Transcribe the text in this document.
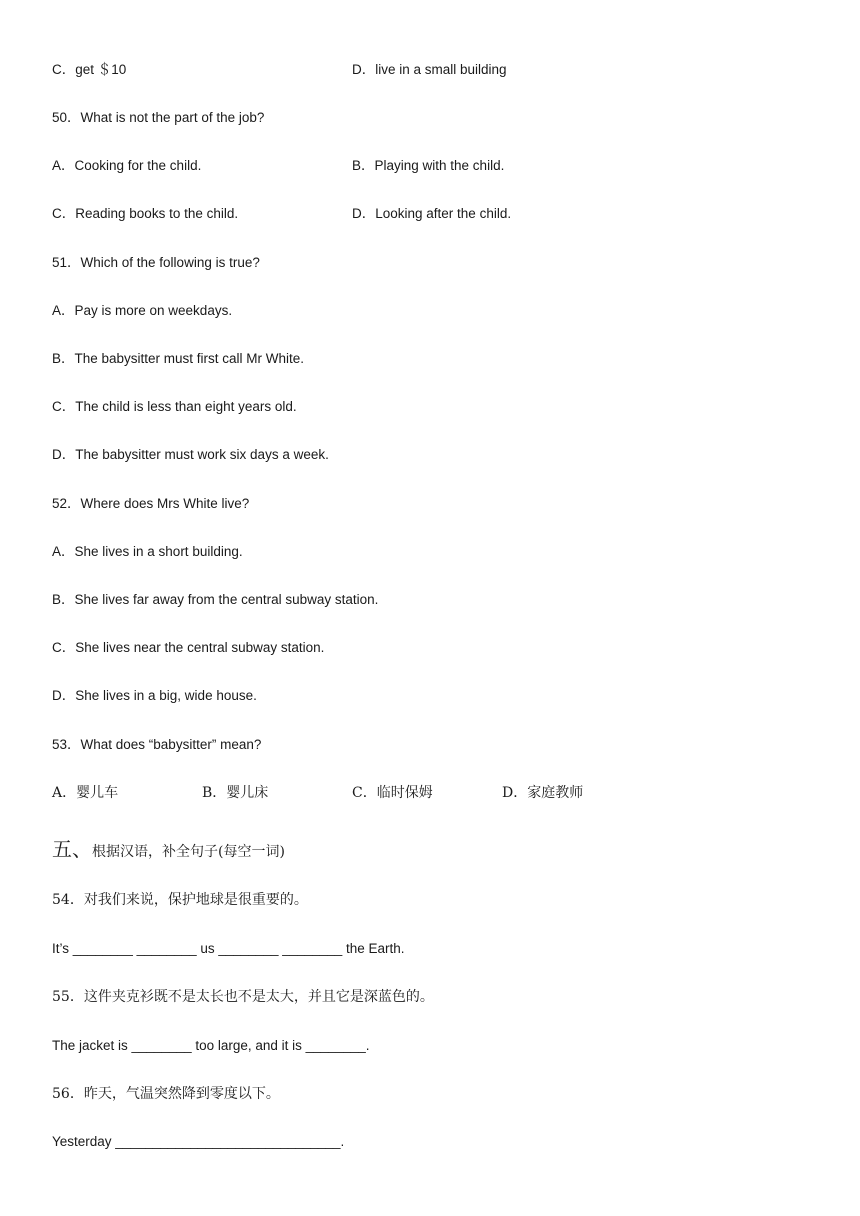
C．get ＄10	D．live in a small building
50．What is not the part of the job?
A．Cooking for the child.	B．Playing with the child.
C．Reading books to the child.	D．Looking after the child.
51．Which of the following is true?
A．Pay is more on weekdays.
B．The babysitter must first call Mr White.
C．The child is less than eight years old.
D．The babysitter must work six days a week.
52．Where does Mrs White live?
A．She lives in a short building.
B．She lives far away from the central subway station.
C．She lives near the central subway station.
D．She lives in a big, wide house.
53．What does “babysitter” mean?
A．婴儿车	B．婴儿床	C．临时保姆	D．家庭教师
五、根据汉语，补全句子(每空一词)
54．对我们来说，保护地球是很重要的。
It’s ________ ________ us ________ ________ the Earth.
55．这件夹克衫既不是太长也不是太大，并且它是深蓝色的。
The jacket is ________ too large, and it is ________.
56．昨天，气温突然降到零度以下。
Yesterday ______________________________.
